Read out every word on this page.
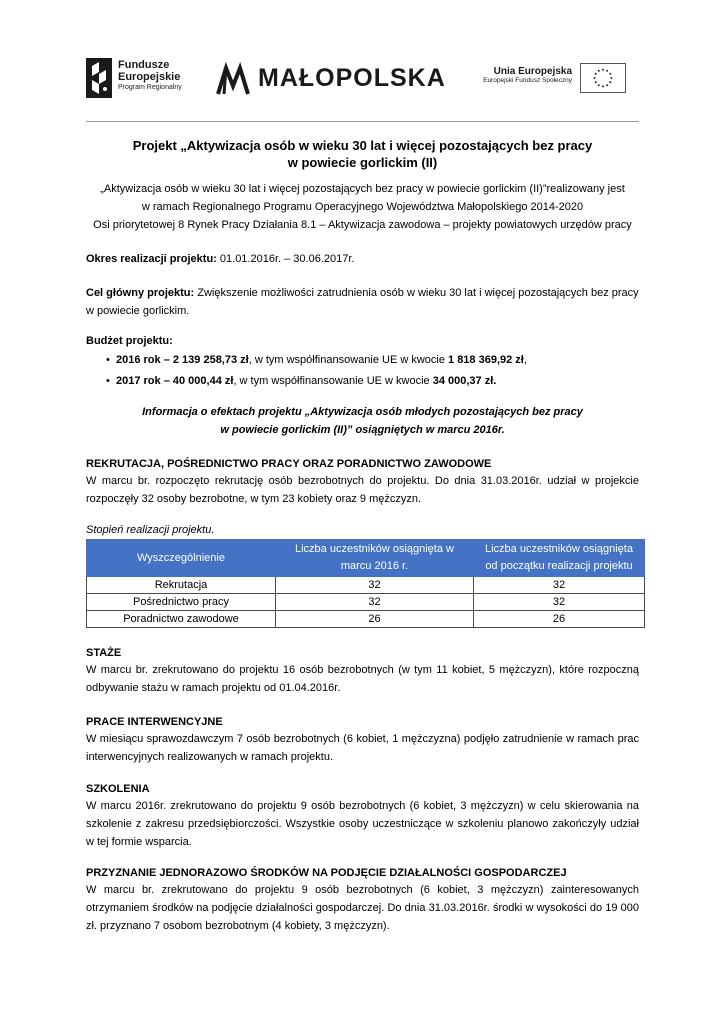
Fundusze
Europejskie
Program Regionalny	MAŁOPOLSKA	Unia Europejska
Europejski Fundusz Społeczny
Projekt „Aktywizacja osób w wieku 30 lat i więcej pozostających bez pracy
w powiecie gorlickim (II)
„Aktywizacja osób w wieku 30 lat i więcej pozostających bez pracy w powiecie gorlickim (II)”realizowany jest
w ramach Regionalnego Programu Operacyjnego Województwa Małopolskiego 2014-2020
Osi priorytetowej 8 Rynek Pracy Działania 8.1 – Aktywizacja zawodowa – projekty powiatowych urzędów pracy
Okres realizacji projektu: 01.01.2016r. – 30.06.2017r.
Cel główny projektu: Zwiększenie możliwości zatrudnienia osób w wieku 30 lat i więcej pozostających bez pracy w powiecie gorlickim.
Budżet projektu:
• 2016 rok – 2 139 258,73 zł, w tym współfinansowanie UE w kwocie 1 818 369,92 zł,
• 2017 rok – 40 000,44 zł, w tym współfinansowanie UE w kwocie 34 000,37 zł.
Informacja o efektach projektu „Aktywizacja osób młodych pozostających bez pracy
w powiecie gorlickim (II)” osiągniętych w marcu 2016r.
REKRUTACJA, POŚREDNICTWO PRACY ORAZ PORADNICTWO ZAWODOWE
W marcu br. rozpoczęto rekrutację osób bezrobotnych do projektu. Do dnia 31.03.2016r. udział w projekcie rozpoczęły 32 osoby bezrobotne, w tym 23 kobiety oraz 9 mężczyzn.
Stopień realizacji projektu.
Wyszczególnienie	Liczba uczestników osiągnięta w marcu 2016 r.	Liczba uczestników osiągnięta od początku realizacji projektu
Rekrutacja	32	32
Pośrednictwo pracy	32	32
Poradnictwo zawodowe	26	26
STAŻE
W marcu br. zrekrutowano do projektu 16 osób bezrobotnych (w tym 11 kobiet, 5 mężczyzn), które rozpoczną odbywanie stażu w ramach projektu od 01.04.2016r.
PRACE INTERWENCYJNE
W miesiącu sprawozdawczym 7 osób bezrobotnych (6 kobiet, 1 mężczyzna) podjęło zatrudnienie w ramach prac interwencyjnych realizowanych w ramach projektu.
SZKOLENIA
W marcu 2016r. zrekrutowano do projektu 9 osób bezrobotnych (6 kobiet, 3 mężczyzn) w celu skierowania na szkolenie z zakresu przedsiębiorczości. Wszystkie osoby uczestniczące w szkoleniu planowo zakończyły udział w tej formie wsparcia.
PRZYZNANIE JEDNORAZOWO ŚRODKÓW NA PODJĘCIE DZIAŁALNOŚCI GOSPODARCZEJ
W marcu br. zrekrutowano do projektu 9 osób bezrobotnych (6 kobiet, 3 mężczyzn) zainteresowanych otrzymaniem środków na podjęcie działalności gospodarczej. Do dnia 31.03.2016r. środki w wysokości do 19 000 zł. przyznano 7 osobom bezrobotnym (4 kobiety, 3 mężczyzn).
